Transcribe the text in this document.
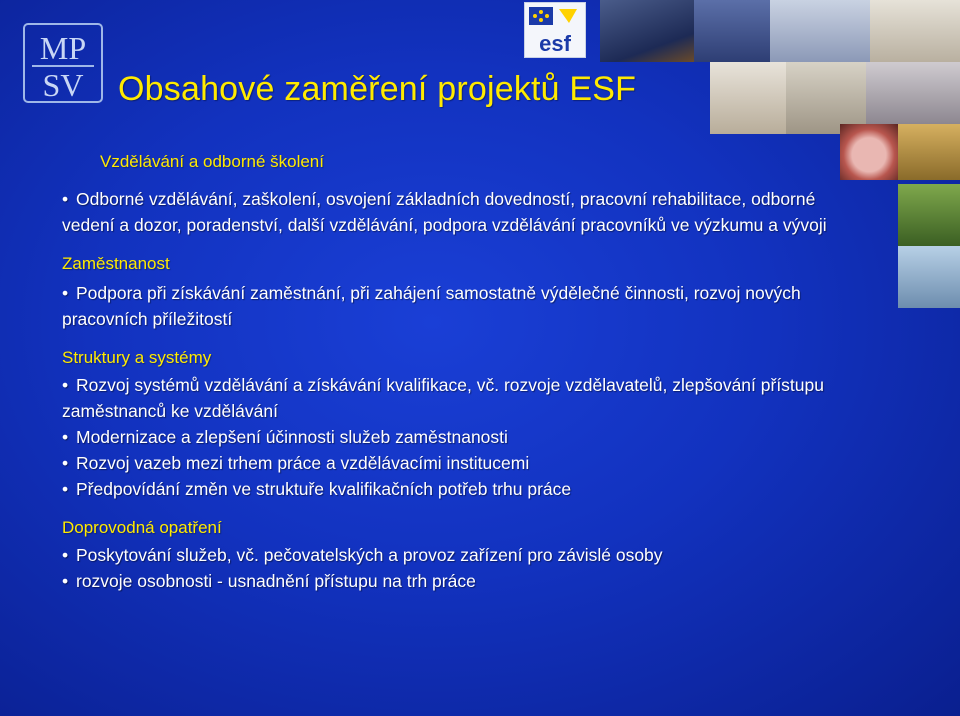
MP
SV
esf
Obsahové zaměření projektů ESF
Vzdělávání a odborné školení

• Odborné vzdělávání, zaškolení, osvojení základních dovedností, pracovní rehabilitace, odborné vedení a dozor, poradenství, další vzdělávání, podpora vzdělávání pracovníků ve výzkumu a vývoji

Zaměstnanost

• Podpora při získávání zaměstnání, při zahájení samostatně výdělečné činnosti, rozvoj nových pracovních příležitostí

Struktury a systémy

• Rozvoj systémů vzdělávání a získávání kvalifikace, vč. rozvoje vzdělavatelů, zlepšování přístupu zaměstnanců ke vzdělávání

• Modernizace a zlepšení účinnosti služeb zaměstnanosti

• Rozvoj vazeb mezi trhem práce a vzdělávacími institucemi

• Předpovídání změn ve struktuře kvalifikačních potřeb trhu práce

Doprovodná opatření

• Poskytování služeb, vč. pečovatelských a provoz zařízení pro závislé osoby

• rozvoje osobnosti - usnadnění přístupu na trh práce
